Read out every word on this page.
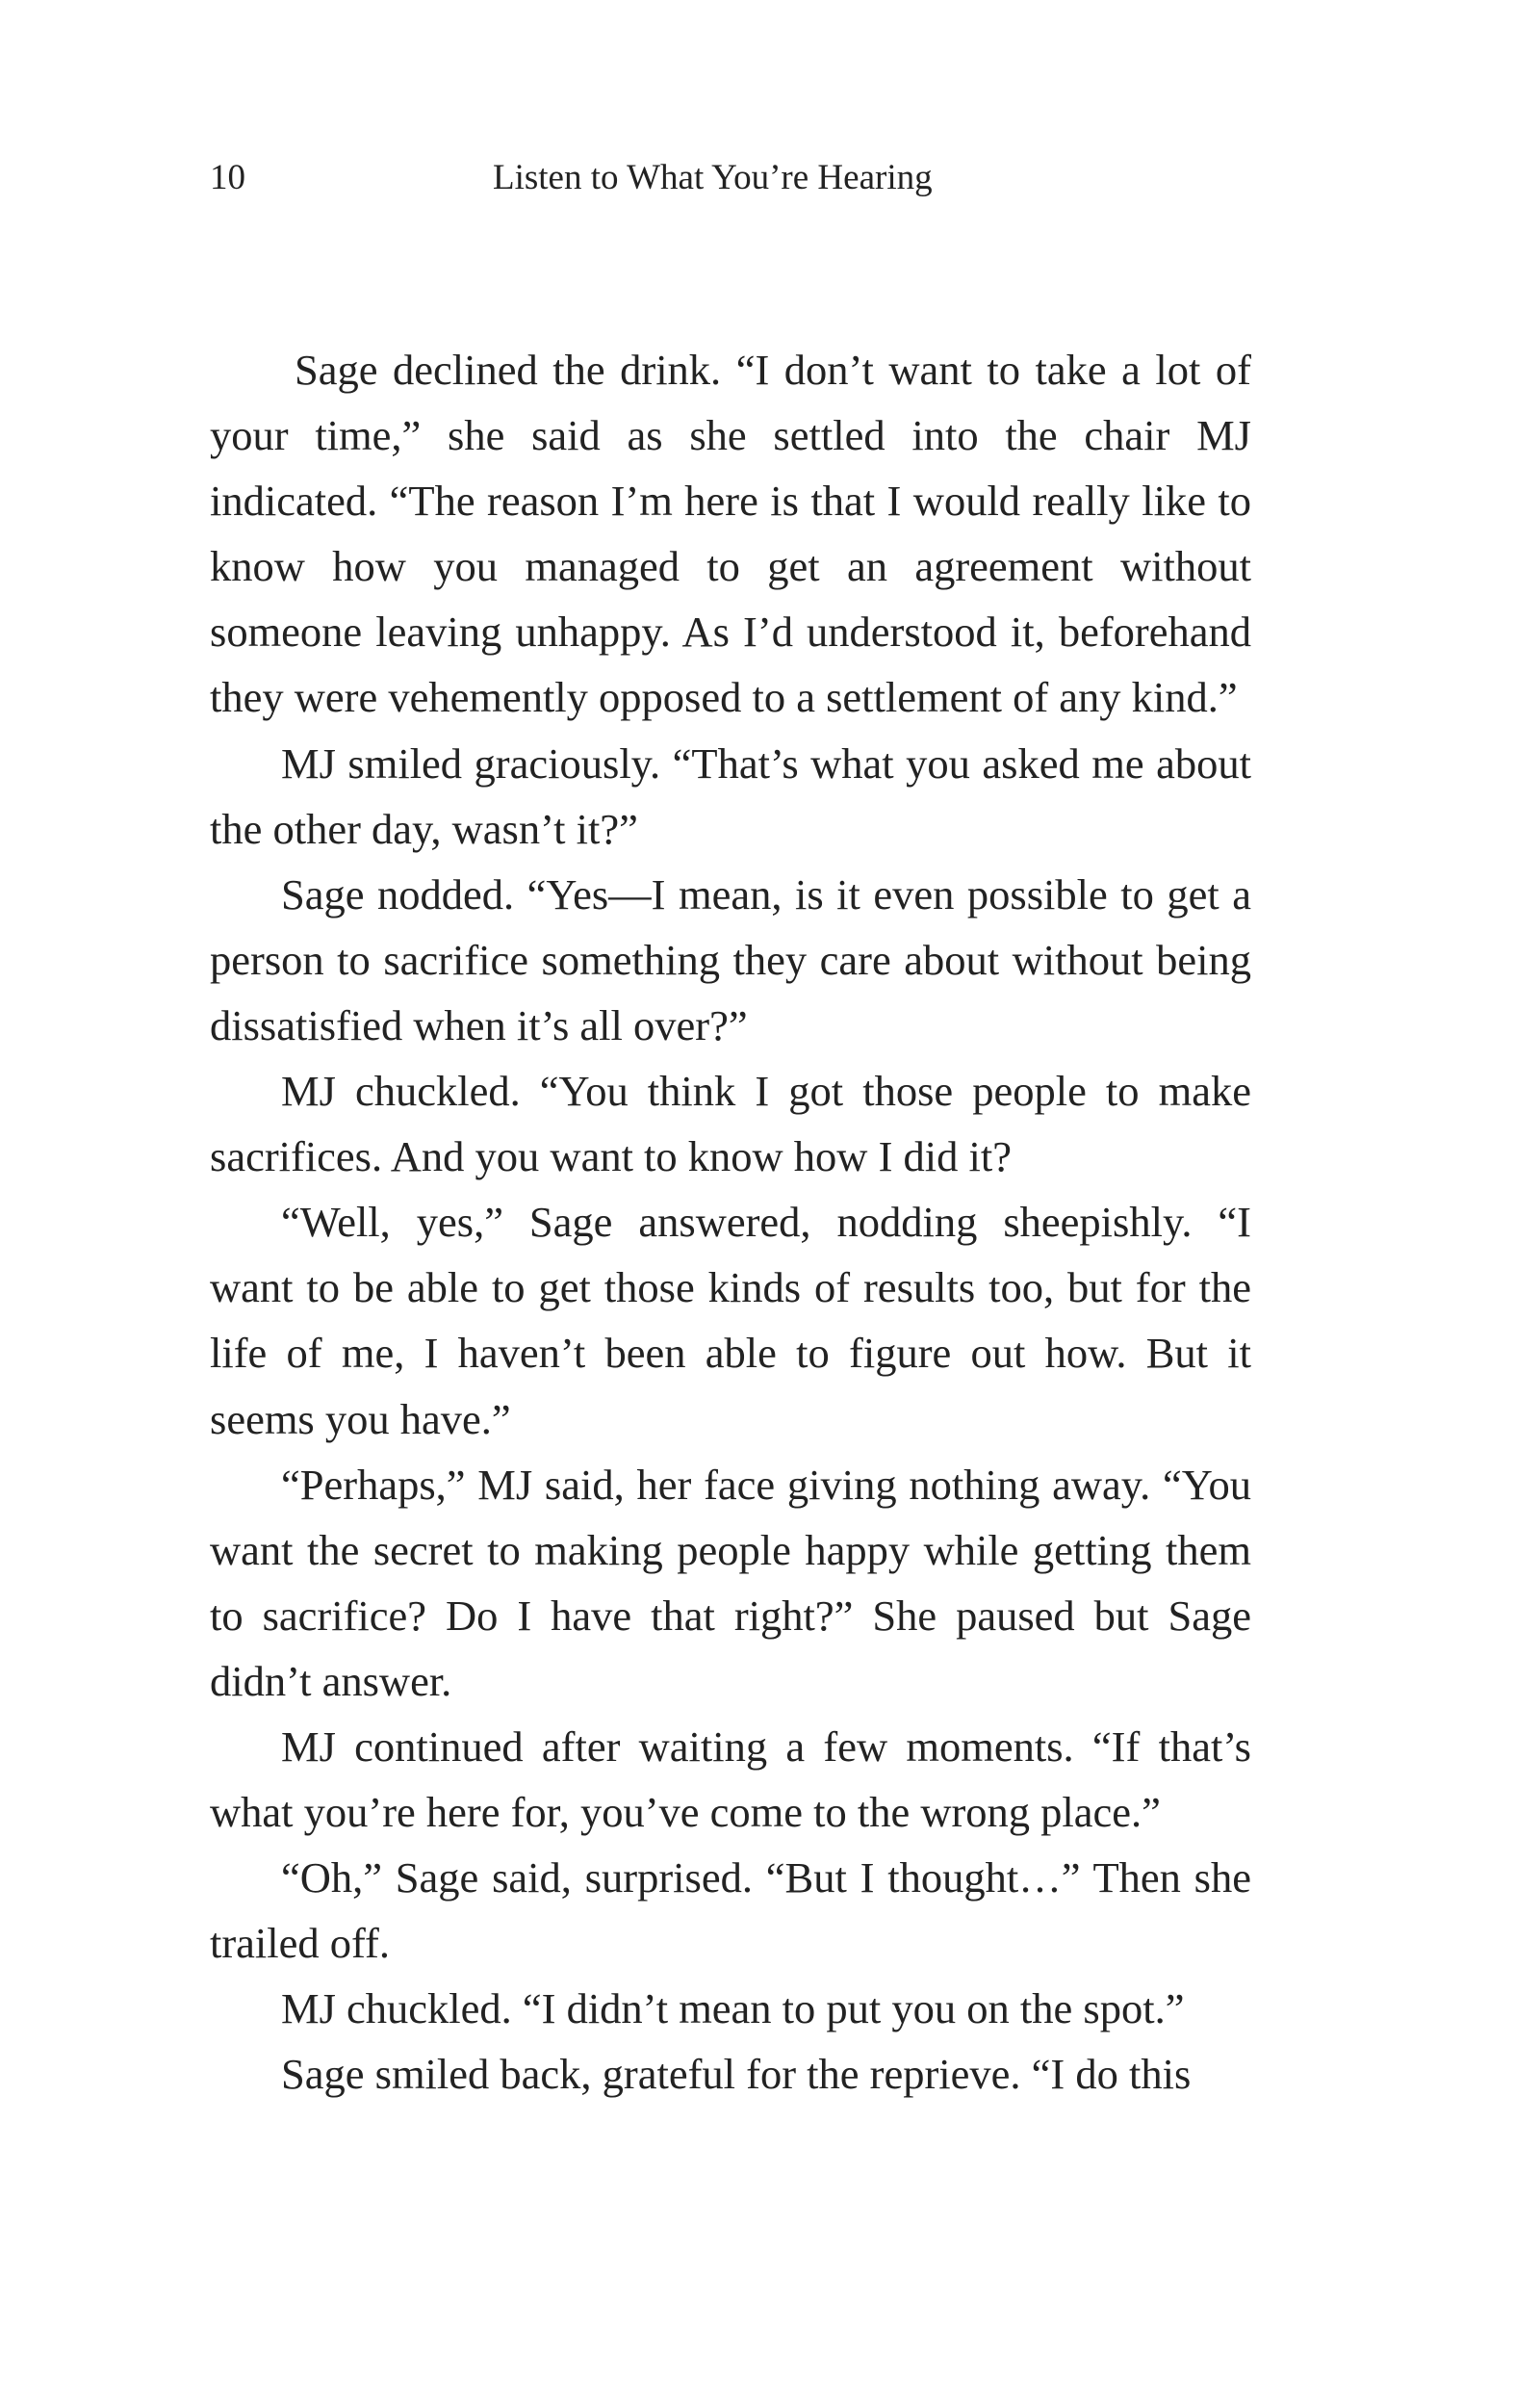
10	Listen to What You’re Hearing

Sage declined the drink. “I don’t want to take a lot of your time,” she said as she settled into the chair MJ indicated. “The reason I’m here is that I would really like to know how you managed to get an agreement without someone leaving unhappy. As I’d understood it, beforehand they were vehemently opposed to a settlement of any kind.”

MJ smiled graciously. “That’s what you asked me about the other day, wasn’t it?”

Sage nodded. “Yes—I mean, is it even possible to get a person to sacrifice something they care about without being dissatisfied when it’s all over?”

MJ chuckled. “You think I got those people to make sacrifices. And you want to know how I did it?

“Well, yes,” Sage answered, nodding sheepishly. “I want to be able to get those kinds of results too, but for the life of me, I haven’t been able to figure out how. But it seems you have.”

“Perhaps,” MJ said, her face giving nothing away. “You want the secret to making people happy while getting them to sacrifice? Do I have that right?” She paused but Sage didn’t answer.

MJ continued after waiting a few moments. “If that’s what you’re here for, you’ve come to the wrong place.”

“Oh,” Sage said, surprised. “But I thought…” Then she trailed off.

MJ chuckled. “I didn’t mean to put you on the spot.”

Sage smiled back, grateful for the reprieve. “I do this
